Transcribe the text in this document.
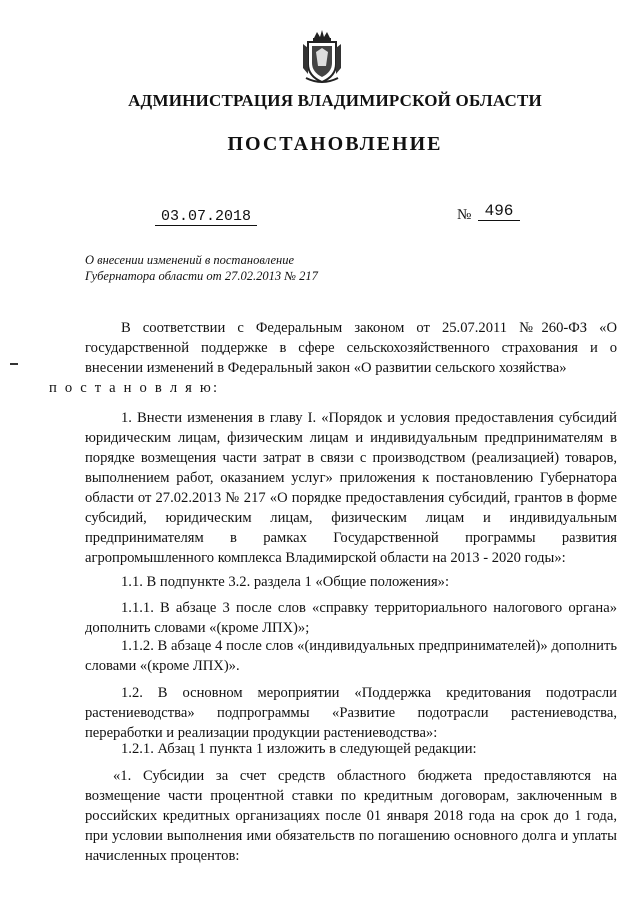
АДМИНИСТРАЦИЯ ВЛАДИМИРСКОЙ ОБЛАСТИ
ПОСТАНОВЛЕНИЕ
03.07.2018	№ 496
О внесении изменений в постановление
Губернатора области от 27.02.2013 № 217
В соответствии с Федеральным законом от 25.07.2011 №260-ФЗ «О государственной поддержке в сфере сельскохозяйственного страхования и о внесении изменений в Федеральный закон «О развитии сельского хозяйства»
п о с т а н о в л я ю:
1. Внести изменения в главу I. «Порядок и условия предоставления субсидий юридическим лицам, физическим лицам и индивидуальным предпринимателям в порядке возмещения части затрат в связи с производством (реализацией) товаров, выполнением работ, оказанием услуг» приложения к постановлению Губернатора области от 27.02.2013 № 217 «О порядке предоставления субсидий, грантов в форме субсидий, юридическим лицам, физическим лицам и индивидуальным предпринимателям в рамках Государственной программы развития агропромышленного комплекса Владимирской области на 2013 - 2020 годы»:
1.1. В подпункте 3.2. раздела 1 «Общие положения»:
1.1.1. В абзаце 3 после слов «справку территориального налогового органа» дополнить словами «(кроме ЛПХ)»;
1.1.2. В абзаце 4 после слов «(индивидуальных предпринимателей)» дополнить словами «(кроме ЛПХ)».
1.2. В основном мероприятии «Поддержка кредитования подотрасли растениеводства» подпрограммы «Развитие подотрасли растениеводства, переработки и реализации продукции растениеводства»:
1.2.1. Абзац 1 пункта 1 изложить в следующей редакции:
«1. Субсидии за счет средств областного бюджета предоставляются на возмещение части процентной ставки по кредитным договорам, заключенным в российских кредитных организациях после 01 января 2018 года на срок до 1 года, при условии выполнения ими обязательств по погашению основного долга и уплаты начисленных процентов:
